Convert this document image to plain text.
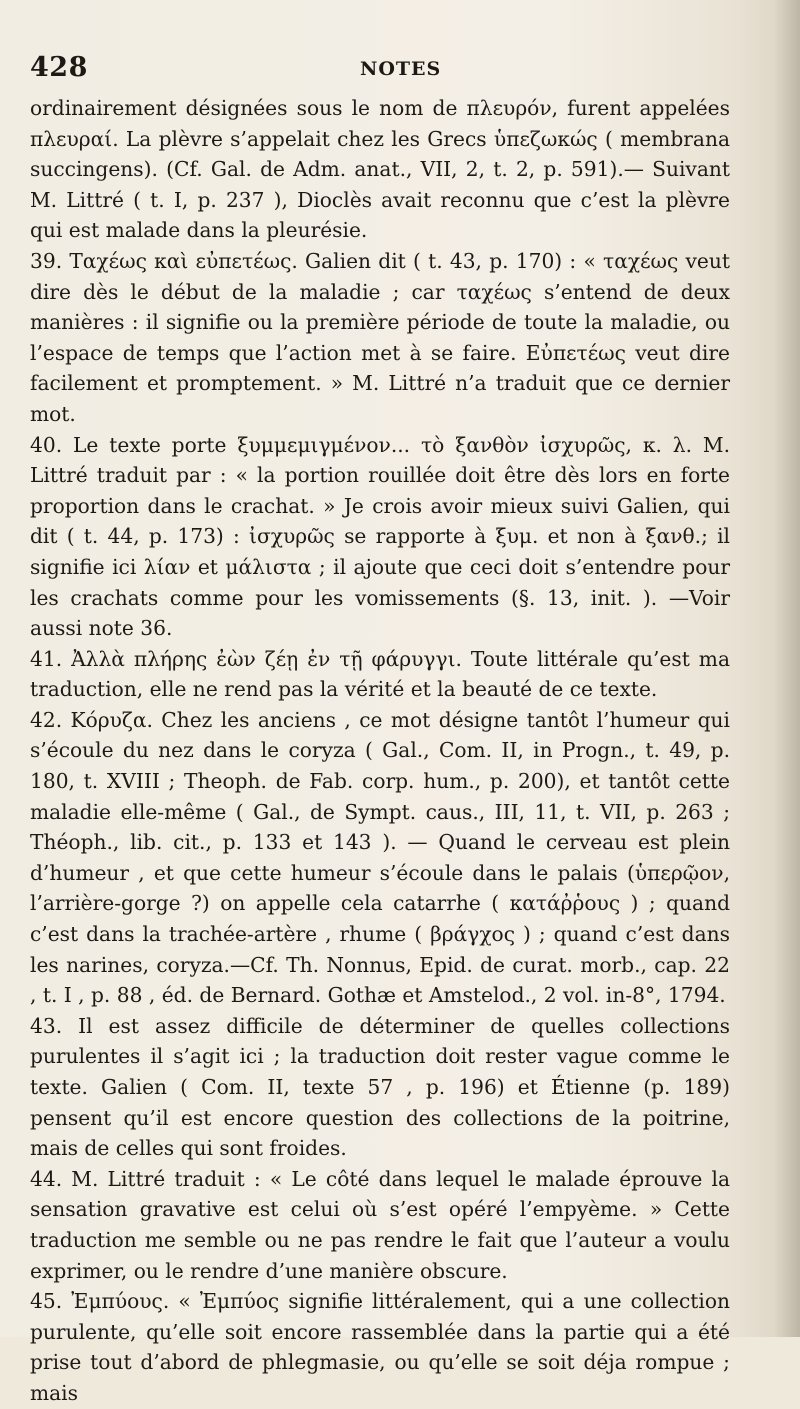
428	NOTES

ordinairement désignées sous le nom de πλευρόν, furent appelées πλευραί. La plèvre s’appelait chez les Grecs ὑπεζωκώς ( membrana succingens). (Cf. Gal. de Adm. anat., VII, 2, t. 2, p. 591).— Suivant M. Littré ( t. I, p. 237 ), Dioclès avait reconnu que c’est la plèvre qui est malade dans la pleurésie.

39. Ταχέως καὶ εὐπετέως. Galien dit ( t. 43, p. 170) : « ταχέως veut dire dès le début de la maladie ; car ταχέως s’entend de deux manières : il signifie ou la première période de toute la maladie, ou l’espace de temps que l’action met à se faire. Εὐπετέως veut dire facilement et promptement. » M. Littré n’a traduit que ce dernier mot.

40. Le texte porte ξυμμεμιγμένον... τὸ ξανθὸν ἰσχυρῶς, κ. λ. M. Littré traduit par : « la portion rouillée doit être dès lors en forte proportion dans le crachat. » Je crois avoir mieux suivi Galien, qui dit ( t. 44, p. 173) : ἰσχυρῶς se rapporte à ξυμ. et non à ξανθ.; il signifie ici λίαν et μάλιστα ; il ajoute que ceci doit s’entendre pour les crachats comme pour les vomissements (§. 13, init. ). —Voir aussi note 36.

41. Ἀλλὰ πλήρης ἐὼν ζέῃ ἐν τῇ φάρυγγι. Toute littérale qu’est ma traduction, elle ne rend pas la vérité et la beauté de ce texte.

42. Κόρυζα. Chez les anciens , ce mot désigne tantôt l’humeur qui s’écoule du nez dans le coryza ( Gal., Com. II, in Progn., t. 49, p. 180, t. XVIII ; Theoph. de Fab. corp. hum., p. 200), et tantôt cette maladie elle-même ( Gal., de Sympt. caus., III, 11, t. VII, p. 263 ; Théoph., lib. cit., p. 133 et 143 ). — Quand le cerveau est plein d’humeur , et que cette humeur s’écoule dans le palais (ὑπερῷον, l’arrière-gorge ?) on appelle cela catarrhe ( κατάῤῥους ) ; quand c’est dans la trachée-artère , rhume ( βράγχος ) ; quand c’est dans les narines, coryza.—Cf. Th. Nonnus, Epid. de curat. morb., cap. 22 , t. I , p. 88 , éd. de Bernard. Gothæ et Amstelod., 2 vol. in-8°, 1794.

43. Il est assez difficile de déterminer de quelles collections purulentes il s’agit ici ; la traduction doit rester vague comme le texte. Galien ( Com. II, texte 57 , p. 196) et Étienne (p. 189) pensent qu’il est encore question des collections de la poitrine, mais de celles qui sont froides.

44. M. Littré traduit : « Le côté dans lequel le malade éprouve la sensation gravative est celui où s’est opéré l’empyème. » Cette traduction me semble ou ne pas rendre le fait que l’auteur a voulu exprimer, ou le rendre d’une manière obscure.

45. Ἐμπύους. « Ἐμπύος signifie littéralement, qui a une collection purulente, qu’elle soit encore rassemblée dans la partie qui a été prise tout d’abord de phlegmasie, ou qu’elle se soit déja rompue ; mais
